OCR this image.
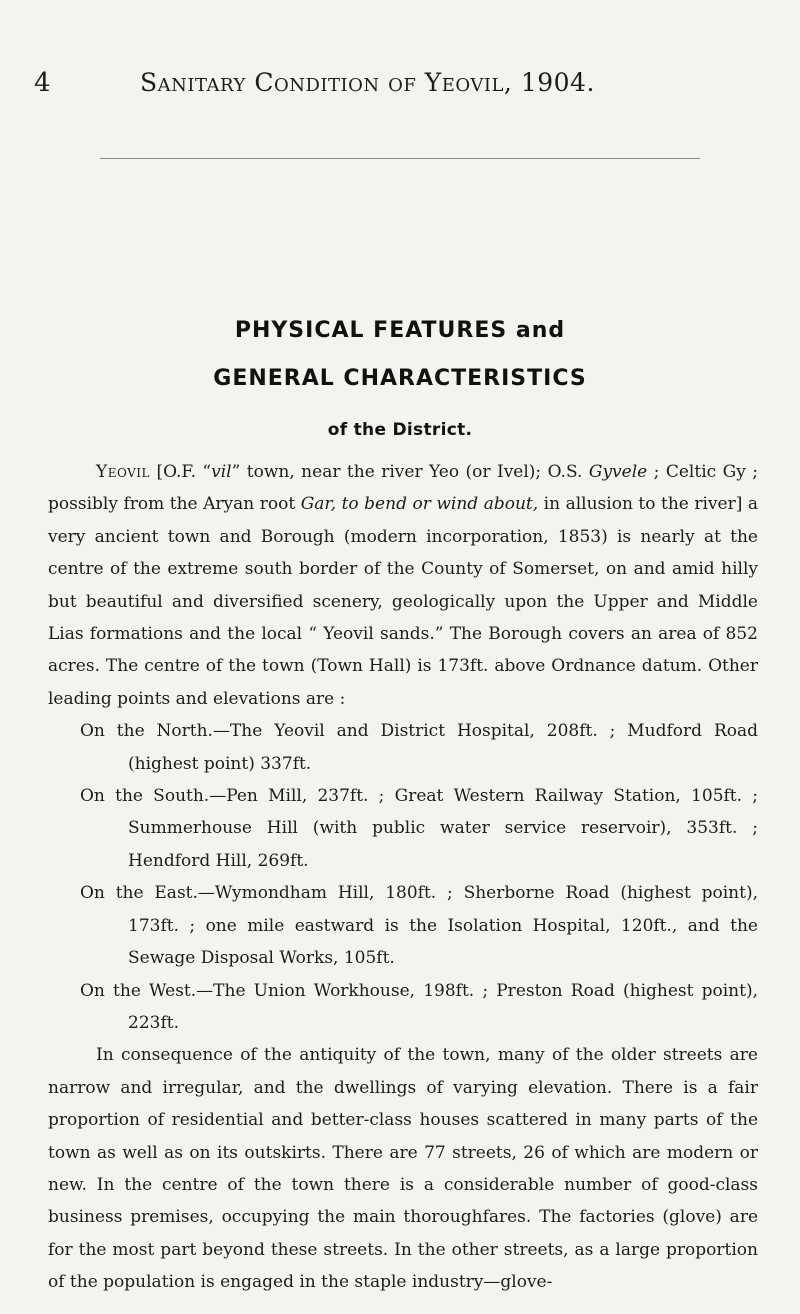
4	Sanitary Condition of Yeovil, 1904.
PHYSICAL FEATURES and
GENERAL CHARACTERISTICS
of the District.

Yeovil [O.F. “vil” town, near the river Yeo (or Ivel); O.S. Gyvele ; Celtic Gy ; possibly from the Aryan root Gar, to bend or wind about, in allusion to the river] a very ancient town and Borough (modern incorporation, 1853) is nearly at the centre of the extreme south border of the County of Somerset, on and amid hilly but beautiful and diversified scenery, geologically upon the Upper and Middle Lias formations and the local “ Yeovil sands.” The Borough covers an area of 852 acres. The centre of the town (Town Hall) is 173ft. above Ordnance datum. Other leading points and elevations are :

On the North.—The Yeovil and District Hospital, 208ft. ; Mudford Road (highest point) 337ft.

On the South.—Pen Mill, 237ft. ; Great Western Railway Station, 105ft. ; Summerhouse Hill (with public water service reservoir), 353ft. ; Hendford Hill, 269ft.

On the East.—Wymondham Hill, 180ft. ; Sherborne Road (highest point), 173ft. ; one mile eastward is the Isolation Hospital, 120ft., and the Sewage Disposal Works, 105ft.

On the West.—The Union Workhouse, 198ft. ; Preston Road (highest point), 223ft.

In consequence of the antiquity of the town, many of the older streets are narrow and irregular, and the dwellings of varying elevation. There is a fair proportion of residential and better-class houses scattered in many parts of the town as well as on its outskirts. There are 77 streets, 26 of which are modern or new. In the centre of the town there is a considerable number of good-class business premises, occupying the main thoroughfares. The factories (glove) are for the most part beyond these streets. In the other streets, as a large proportion of the population is engaged in the staple industry—glove-
